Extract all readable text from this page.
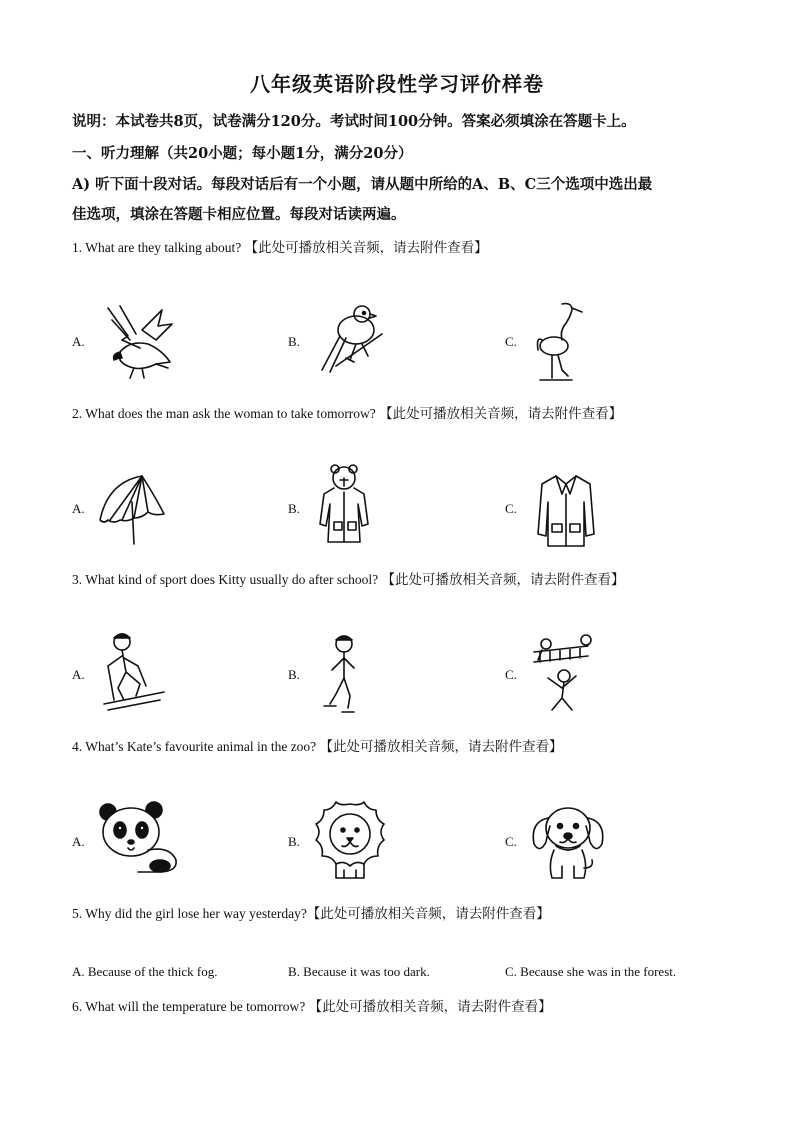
八年级英语阶段性学习评价样卷
说明：本试卷共8页，试卷满分120分。考试时间100分钟。答案必须填涂在答题卡上。
一、听力理解（共20小题；每小题1分，满分20分）
A) 听下面十段对话。每段对话后有一个小题，请从题中所给的A、B、C三个选项中选出最
佳选项，填涂在答题卡相应位置。每段对话读两遍。
1. What are they talking about? 【此处可播放相关音频，请去附件查看】
A.	B.	C.
2. What does the man ask the woman to take tomorrow? 【此处可播放相关音频，请去附件查看】
A.	B.	C.
3. What kind of sport does Kitty usually do after school? 【此处可播放相关音频，请去附件查看】
A.	B.	C.
4. What’s Kate’s favourite animal in the zoo? 【此处可播放相关音频，请去附件查看】
A.	B.	C.
5. Why did the girl lose her way yesterday?【此处可播放相关音频，请去附件查看】
A. Because of the thick fog.	B. Because it was too dark.	C. Because she was in the forest.
6. What will the temperature be tomorrow? 【此处可播放相关音频，请去附件查看】
